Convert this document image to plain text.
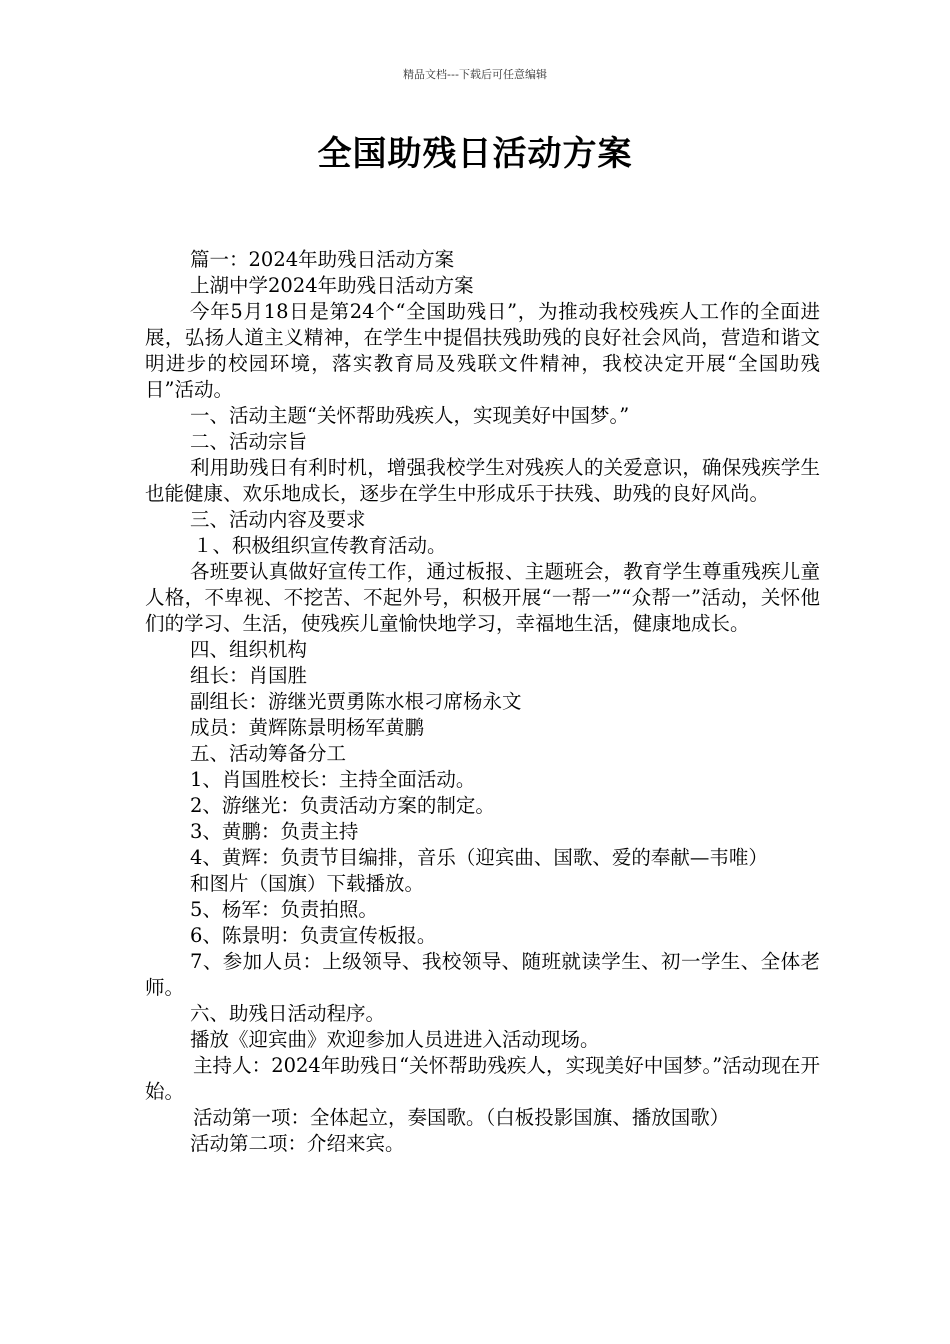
精品文档---下载后可任意编辑
全国助残日活动方案

篇一：2024年助残日活动方案

上湖中学2024年助残日活动方案

今年5月18日是第24个“全国助残日”，为推动我校残疾人工作的全面进展，弘扬人道主义精神，在学生中提倡扶残助残的良好社会风尚，营造和谐文明进步的校园环境，落实教育局及残联文件精神，我校决定开展“全国助残日”活动。

一、活动主题“关怀帮助残疾人，实现美好中国梦。”

二、活动宗旨

利用助残日有利时机，增强我校学生对残疾人的关爱意识，确保残疾学生也能健康、欢乐地成长，逐步在学生中形成乐于扶残、助残的良好风尚。

三、活动内容及要求

１、积极组织宣传教育活动。

各班要认真做好宣传工作，通过板报、主题班会，教育学生尊重残疾儿童人格，不卑视、不挖苦、不起外号，积极开展“一帮一”“众帮一”活动，关怀他们的学习、生活，使残疾儿童愉快地学习，幸福地生活，健康地成长。

四、组织机构

组长：肖国胜

副组长：游继光贾勇陈水根刁席杨永文

成员：黄辉陈景明杨军黄鹏

五、活动筹备分工

1、肖国胜校长：主持全面活动。

2、游继光：负责活动方案的制定。

3、黄鹏：负责主持

4、黄辉：负责节目编排，音乐（迎宾曲、国歌、爱的奉献—韦唯）

和图片（国旗）下载播放。

5、杨军：负责拍照。

6、陈景明：负责宣传板报。

7、参加人员：上级领导、我校领导、随班就读学生、初一学生、全体老师。

六、助残日活动程序。

播放《迎宾曲》欢迎参加人员进进入活动现场。

主持人：2024年助残日“关怀帮助残疾人，实现美好中国梦。”活动现在开始。

活动第一项：全体起立，奏国歌。（白板投影国旗、播放国歌）

活动第二项：介绍来宾。
